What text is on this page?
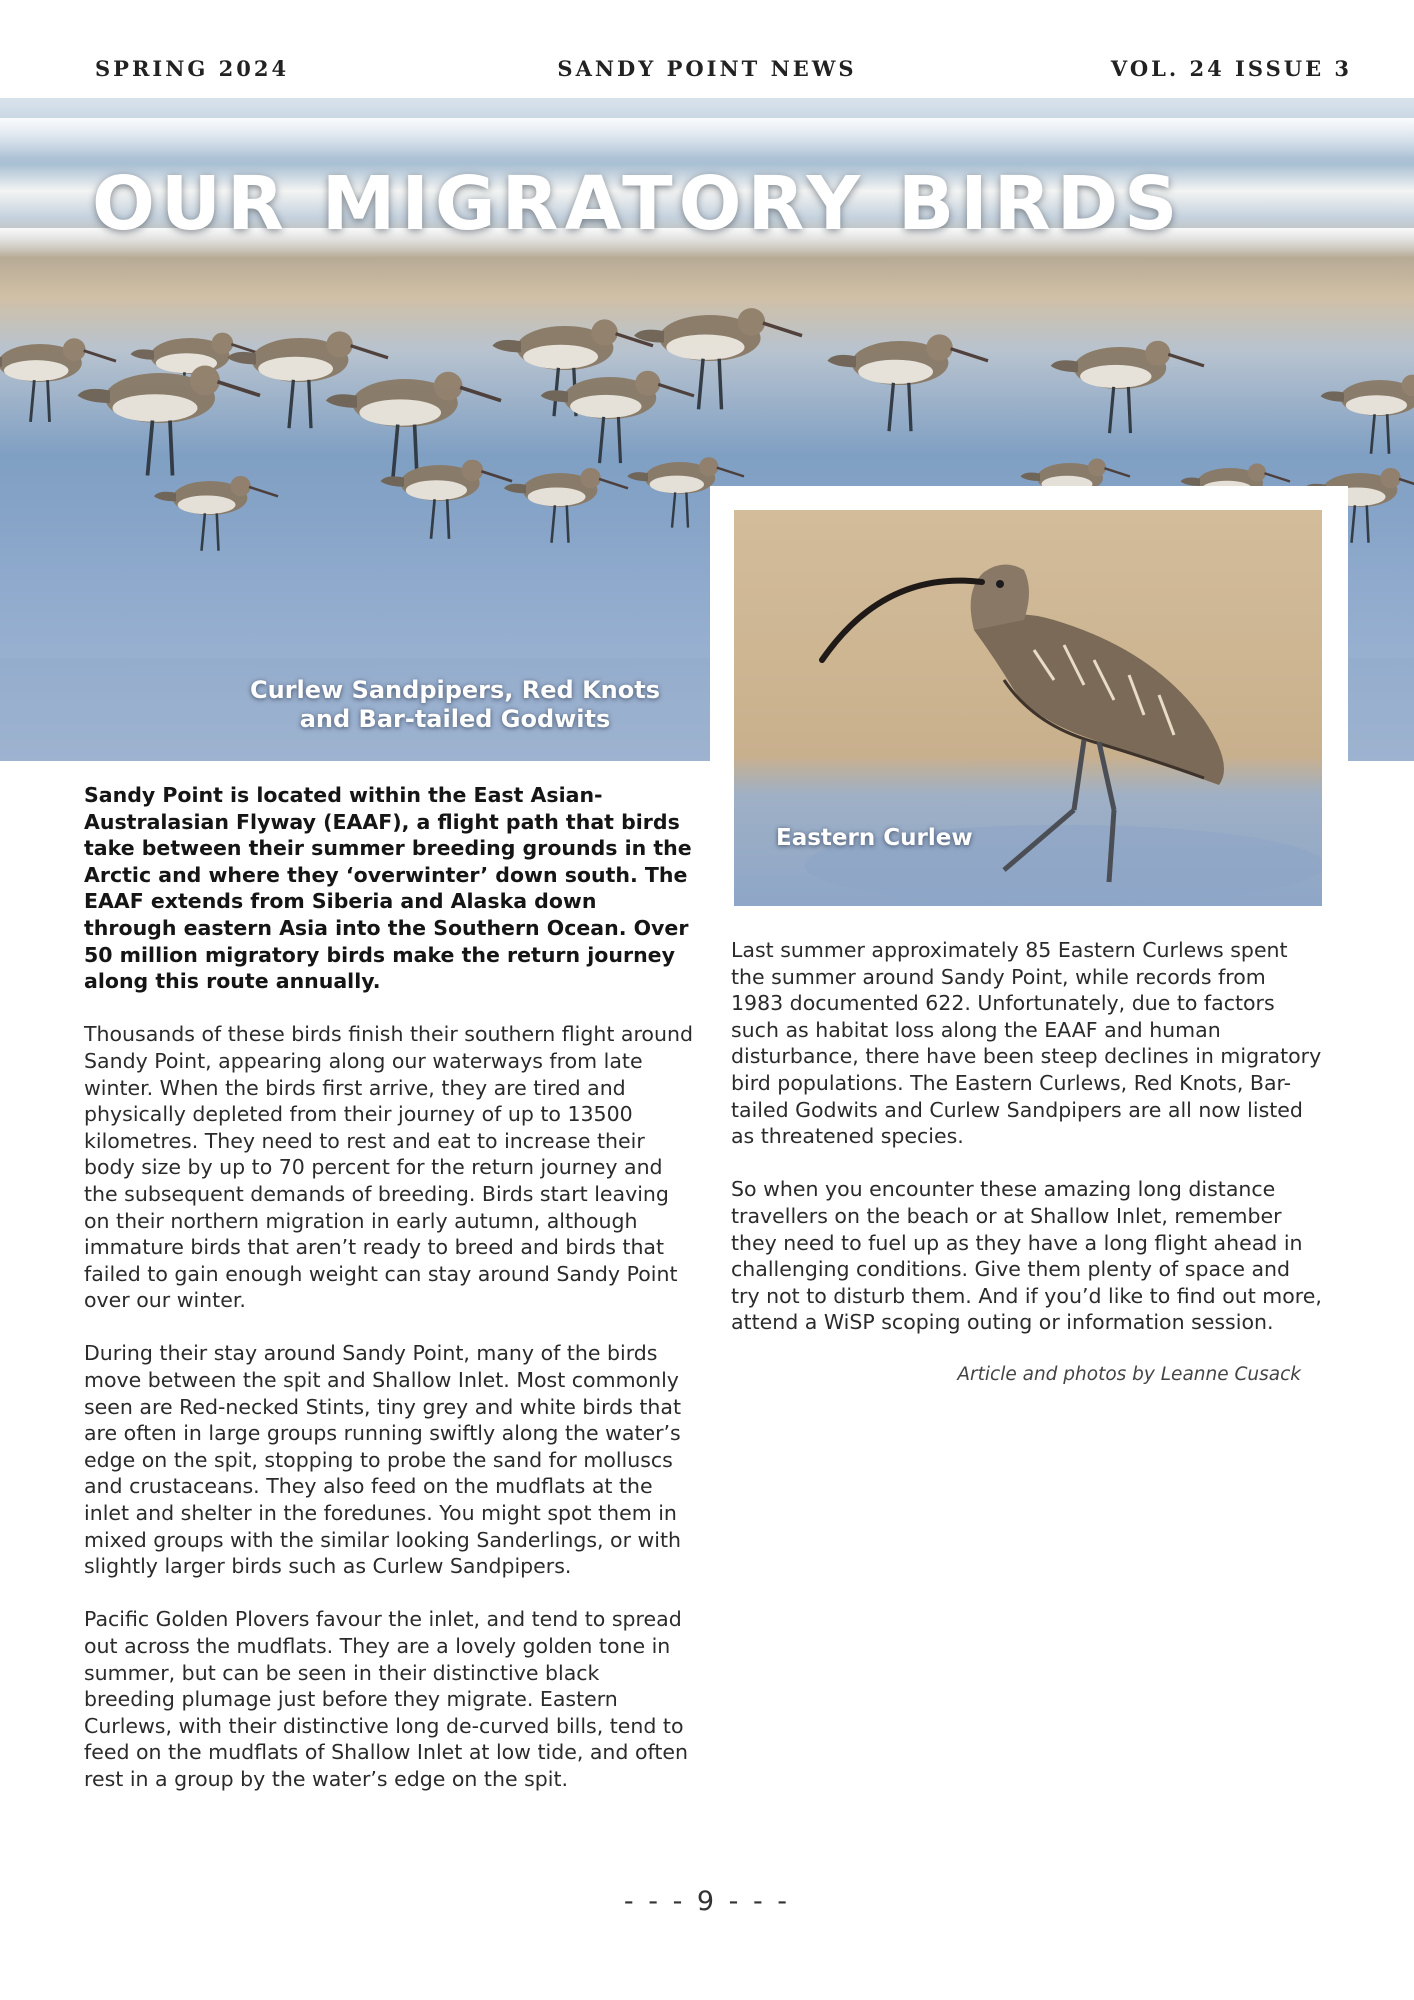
SPRING 2024	SANDY POINT NEWS	VOL. 24 ISSUE 3
OUR MIGRATORY BIRDS
Curlew Sandpipers, Red Knots
and Bar-tailed Godwits
Eastern Curlew

Sandy Point is located within the East Asian-Australasian Flyway (EAAF), a flight path that birds take between their summer breeding grounds in the Arctic and where they ‘overwinter’ down south. The EAAF extends from Siberia and Alaska down through eastern Asia into the Southern Ocean. Over 50 million migratory birds make the return journey along this route annually.

Thousands of these birds finish their southern flight around Sandy Point, appearing along our waterways from late winter. When the birds first arrive, they are tired and physically depleted from their journey of up to 13500 kilometres. They need to rest and eat to increase their body size by up to 70 percent for the return journey and the subsequent demands of breeding. Birds start leaving on their northern migration in early autumn, although immature birds that aren’t ready to breed and birds that failed to gain enough weight can stay around Sandy Point over our winter.

During their stay around Sandy Point, many of the birds move between the spit and Shallow Inlet. Most commonly seen are Red-necked Stints, tiny grey and white birds that are often in large groups running swiftly along the water’s edge on the spit, stopping to probe the sand for molluscs and crustaceans. They also feed on the mudflats at the inlet and shelter in the foredunes. You might spot them in mixed groups with the similar looking Sanderlings, or with slightly larger birds such as Curlew Sandpipers.

Pacific Golden Plovers favour the inlet, and tend to spread out across the mudflats. They are a lovely golden tone in summer, but can be seen in their distinctive black breeding plumage just before they migrate. Eastern Curlews, with their distinctive long de-curved bills, tend to feed on the mudflats of Shallow Inlet at low tide, and often rest in a group by the water’s edge on the spit.

Last summer approximately 85 Eastern Curlews spent the summer around Sandy Point, while records from 1983 documented 622. Unfortunately, due to factors such as habitat loss along the EAAF and human disturbance, there have been steep declines in migratory bird populations. The Eastern Curlews, Red Knots, Bar-tailed Godwits and Curlew Sandpipers are all now listed as threatened species.

So when you encounter these amazing long distance travellers on the beach or at Shallow Inlet, remember they need to fuel up as they have a long flight ahead in challenging conditions. Give them plenty of space and try not to disturb them. And if you’d like to find out more, attend a WiSP scoping outing or information session.

Article and photos by Leanne Cusack
- - - 9 - - -
